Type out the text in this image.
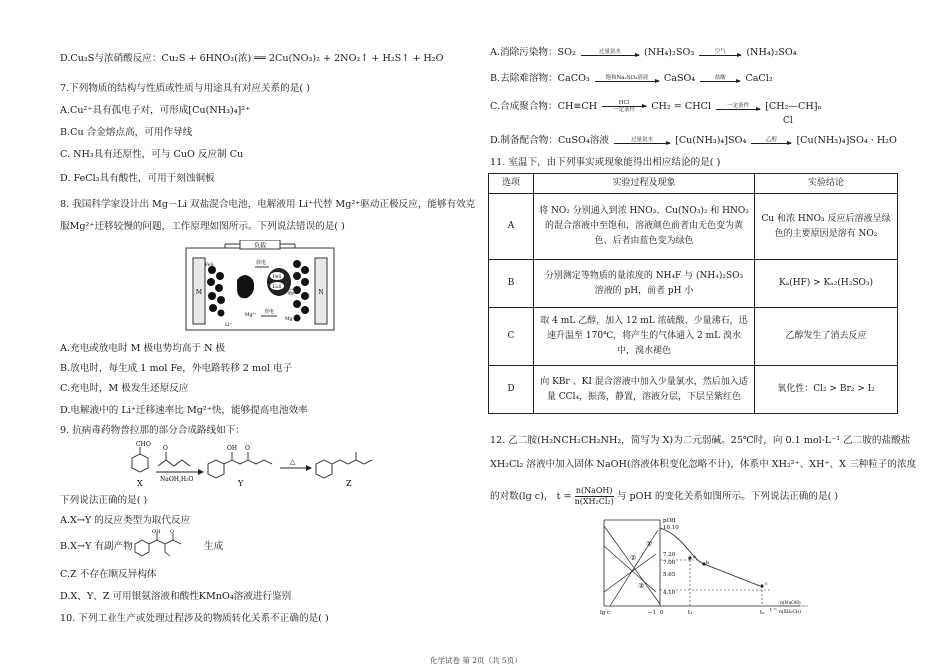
D.Cu₂S与浓硝酸反应：Cu₂S + 6HNO₃(浓) ══ 2Cu(NO₃)₂ + 2NO₂↑ + H₂S↑ + H₂O
7.下列物质的结构与性质或性质与用途具有对应关系的是( )
A.Cu²⁺具有孤电子对，可形成[Cu(NH₃)₄]²⁺
B.Cu 合金熔点高，可用作导线
C. NH₃具有还原性，可与 CuO 反应制 Cu
D. FeCl₃具有酸性，可用于刻蚀铜板
8. 我国科学家设计出 Mg－Li 双盐混合电池，电解液用 Li⁺代替 Mg²⁺驱动正极反应，能够有效克
服Mg²⁺迁移较慢的问题，工作原理如图所示。下列说法错误的是( )
负载
M	N
FeS
Li₂S
FeS	放电
充电
Li⁺
Mg²⁺
Mg
Fe
A.充电或放电时 M 极电势均高于 N 极
B.放电时，每生成 1 mol Fe，外电路转移 2 mol 电子
C.充电时，M 极发生还原反应
D.电解液中的 Li⁺迁移速率比 Mg²⁺快，能够提高电池效率
9. 抗病毒药物普拉那的部分合成路线如下：
CHO
X
O
NaOH,H₂O
OH O
Y
△
Z
下列说法正确的是( )
A.X→Y 的反应类型为取代反应
B.X→Y 有副产物
OH O
生成
C.Z 不存在顺反异构体
D.X、Y、Z 可用银氨溶液和酸性KMnO₄溶液进行鉴别
10. 下列工业生产或处理过程涉及的物质转化关系不正确的是( )
A.消除污染物：SO₂	过量氨水	(NH₄)₂SO₃	空气	(NH₄)₂SO₄
B.去除难溶物：CaCO₃	饱和Na₂SO₄溶液	CaSO₄	盐酸	CaCl₂
C.合成聚合物：CH≡CH	HCl
一定条件	CH₂ = CHCl	一定条件	⁅CH₂—CH⁆ₙ
Cl
D.制备配合物：CuSO₄溶液	过量氨水	[Cu(NH₃)₄]SO₄	乙醇	[Cu(NH₃)₄]SO₄ · H₂O
11. 室温下，由下列事实或现象能得出相应结论的是( )
选项	实验过程及现象	实验结论
A	将 NO₂ 分别通入到浓 HNO₃、Cu(NO₃)₂ 和 HNO₃ 的混合溶液中至饱和，溶液颜色前者由无色变为黄色、后者由蓝色变为绿色	Cu 和浓 HNO₃ 反应后溶液呈绿色的主要原因是溶有 NO₂
B	分别测定等物质的量浓度的 NH₄F 与 (NH₄)₂SO₃ 溶液的 pH，前者 pH 小	Kₐ(HF) > Kₐ₂(H₂SO₃)
C	取 4 mL 乙醇，加入 12 mL 浓硫酸、少量沸石，迅速升温至 170℃，将产生的气体通入 2 mL 溴水中，溴水褪色	乙醇发生了消去反应
D	向 KBr 、KI 混合溶液中加入少量氯水，然后加入适量 CCl₄，振荡，静置，溶液分层，下层呈紫红色	氧化性：Cl₂ > Br₂ > I₂
12. 乙二胺(H₂NCH₂CH₂NH₂，简写为 X)为二元弱碱。25℃时，向 0.1 mol·L⁻¹ 乙二胺的盐酸盐
XH₂Cl₂ 溶液中加入固体 NaOH(溶液体积变化忽略不计)，体系中 XH₂²⁺、XH⁺、X 三种粒子的浓度
的对数(lg c)， t =
n(NaOH)
n(XH₂Cl₂) 与 pOH 的变化关系如图所示。下列说法正确的是( )
pOH
10.10
7.20
7.00
5.65
4.10
①
②
③
a
b
c
lg c	−1 0	t₁	t₂ t =
n(NaOH)
n(XH₂Cl₂)
化学试卷 第 2页（共 5页）
